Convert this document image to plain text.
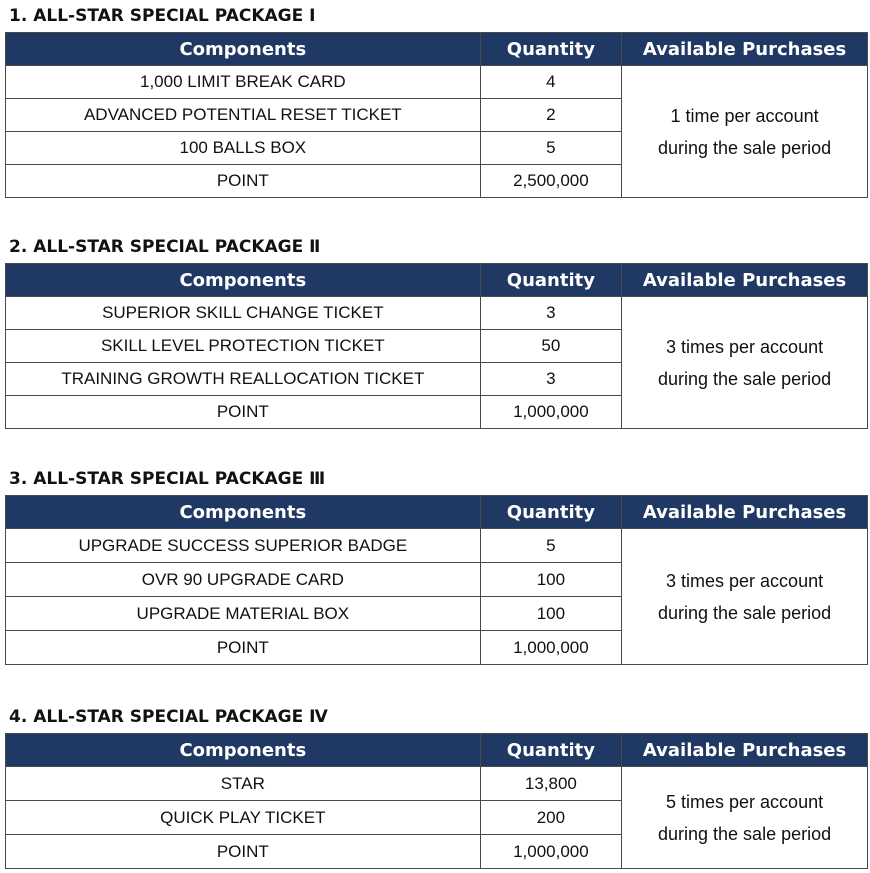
1. ALL-STAR SPECIAL PACKAGE Ⅰ
Components	Quantity	Available Purchases
1,000 LIMIT BREAK CARD	4	1 time per account
during the sale period

ADVANCED POTENTIAL RESET TICKET	2	
100 BALLS BOX	5	
POINT	2,500,000	
2. ALL-STAR SPECIAL PACKAGE Ⅱ
Components	Quantity	Available Purchases
SUPERIOR SKILL CHANGE TICKET	3	3 times per account
during the sale period

SKILL LEVEL PROTECTION TICKET	50	
TRAINING GROWTH REALLOCATION TICKET	3	
POINT	1,000,000	
3. ALL-STAR SPECIAL PACKAGE Ⅲ
Components	Quantity	Available Purchases
UPGRADE SUCCESS SUPERIOR BADGE	5	3 times per account
during the sale period

OVR 90 UPGRADE CARD	100	
UPGRADE MATERIAL BOX	100	
POINT	1,000,000	
4. ALL-STAR SPECIAL PACKAGE Ⅳ
Components	Quantity	Available Purchases
STAR	13,800	5 times per account
during the sale period

QUICK PLAY TICKET	200	
POINT	1,000,000	
